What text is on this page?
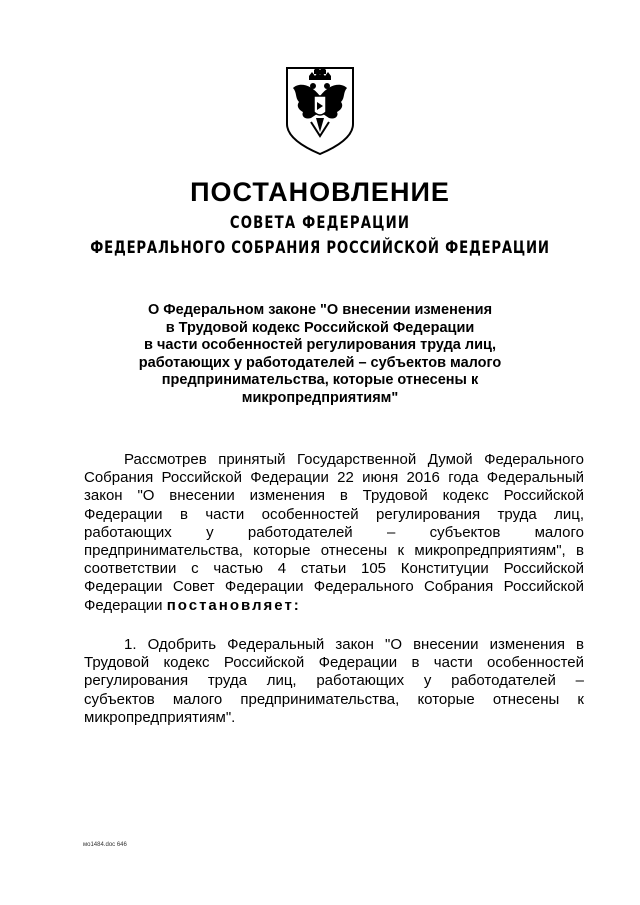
ПОСТАНОВЛЕНИЕ
СОВЕТА ФЕДЕРАЦИИ
ФЕДЕРАЛЬНОГО СОБРАНИЯ РОССИЙСКОЙ ФЕДЕРАЦИИ
О Федеральном законе "О внесении изменения
в Трудовой кодекс Российской Федерации
в части особенностей регулирования труда лиц,
работающих у работодателей – субъектов малого
предпринимательства, которые отнесены к
микропредприятиям"
Рассмотрев принятый Государственной Думой Федерального
Собрания Российской Федерации 22 июня 2016 года Федеральный
закон "О внесении изменения в Трудовой кодекс Российской
Федерации в части особенностей регулирования труда лиц,
работающих у работодателей – субъектов малого
предпринимательства, которые отнесены к микропредприятиям", в
соответствии с частью 4 статьи 105 Конституции Российской
Федерации Совет Федерации Федерального Собрания Российской
Федерации постановляет:
1. Одобрить Федеральный закон "О внесении изменения в
Трудовой кодекс Российской Федерации в части особенностей
регулирования труда лиц, работающих у работодателей –
субъектов малого предпринимательства, которые отнесены к
микропредприятиям".
мо1484.doc 646
